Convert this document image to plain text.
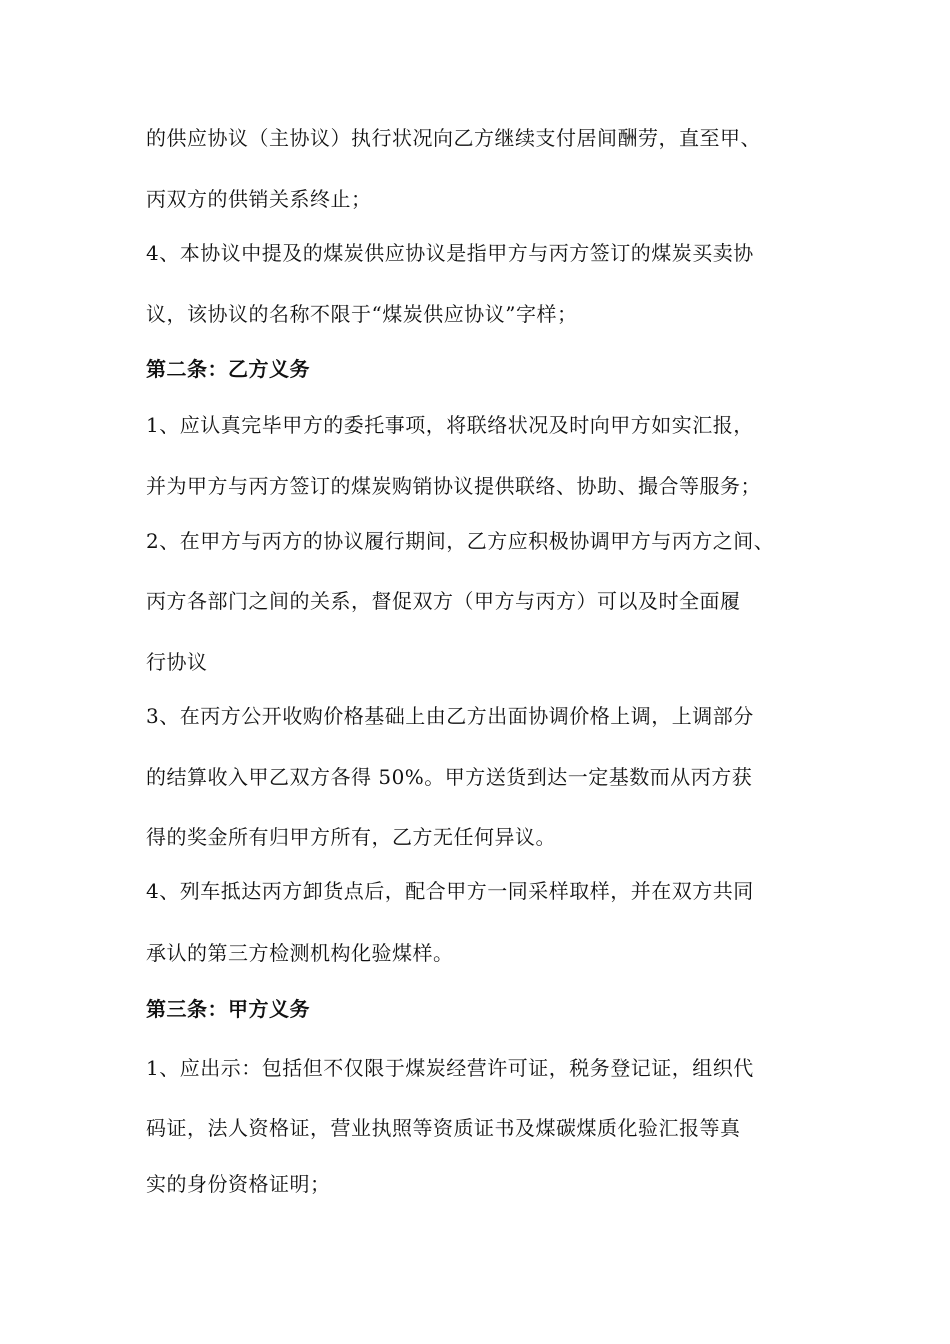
的供应协议（主协议）执行状况向乙方继续支付居间酬劳，直至甲、
丙双方的供销关系终止；
4、本协议中提及的煤炭供应协议是指甲方与丙方签订的煤炭买卖协
议，该协议的名称不限于“煤炭供应协议”字样；
第二条：乙方义务
1、应认真完毕甲方的委托事项，将联络状况及时向甲方如实汇报，
并为甲方与丙方签订的煤炭购销协议提供联络、协助、撮合等服务；
2、在甲方与丙方的协议履行期间，乙方应积极协调甲方与丙方之间、
丙方各部门之间的关系，督促双方（甲方与丙方）可以及时全面履
行协议
3、在丙方公开收购价格基础上由乙方出面协调价格上调，上调部分
的结算收入甲乙双方各得 50%。甲方送货到达一定基数而从丙方获
得的奖金所有归甲方所有，乙方无任何异议。
4、列车抵达丙方卸货点后，配合甲方一同采样取样，并在双方共同
承认的第三方检测机构化验煤样。
第三条：甲方义务
1、应出示：包括但不仅限于煤炭经营许可证，税务登记证，组织代
码证，法人资格证，营业执照等资质证书及煤碳煤质化验汇报等真
实的身份资格证明；
